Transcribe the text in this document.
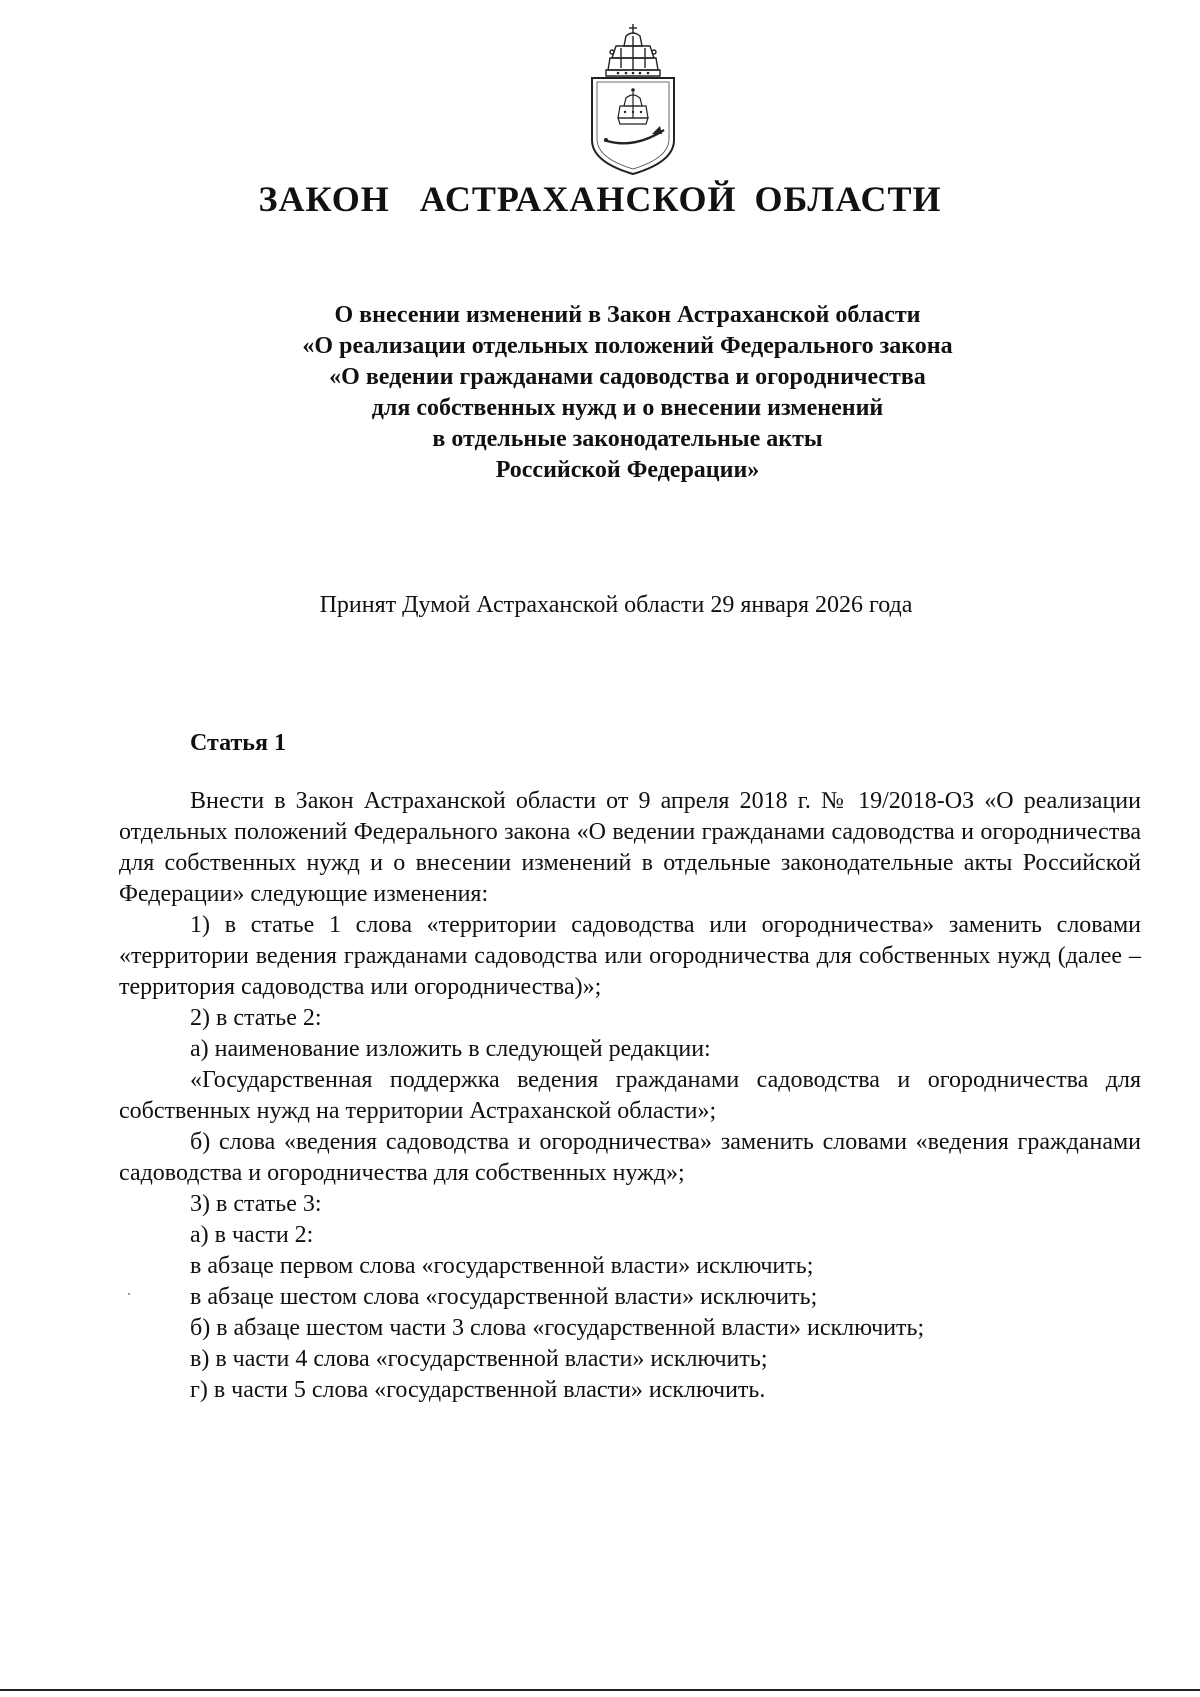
ЗАКОН АСТРАХАНСКОЙ ОБЛАСТИ
О внесении изменений в Закон Астраханской области
«О реализации отдельных положений Федерального закона
«О ведении гражданами садоводства и огородничества
для собственных нужд и о внесении изменений
в отдельные законодательные акты
Российской Федерации»

Принят Думой Астраханской области 29 января 2026 года

Статья 1

Внести в Закон Астраханской области от 9 апреля 2018 г. № 19/2018-ОЗ «О реализации отдельных положений Федерального закона «О ведении гражданами садоводства и огородничества для собственных нужд и о внесении изменений в отдельные законодательные акты Российской Федерации» следующие изменения:

1) в статье 1 слова «территории садоводства или огородничества» заменить словами «территории ведения гражданами садоводства или огородничества для собственных нужд (далее – территория садоводства или огородничества)»;

2) в статье 2:

а) наименование изложить в следующей редакции:

«Государственная поддержка ведения гражданами садоводства и огородничества для собственных нужд на территории Астраханской области»;

б) слова «ведения садоводства и огородничества» заменить словами «ведения гражданами садоводства и огородничества для собственных нужд»;

3) в статье 3:

а) в части 2:

в абзаце первом слова «государственной власти» исключить;

в абзаце шестом слова «государственной власти» исключить;

б) в абзаце шестом части 3 слова «государственной власти» исключить;

в) в части 4 слова «государственной власти» исключить;

г) в части 5 слова «государственной власти» исключить.
